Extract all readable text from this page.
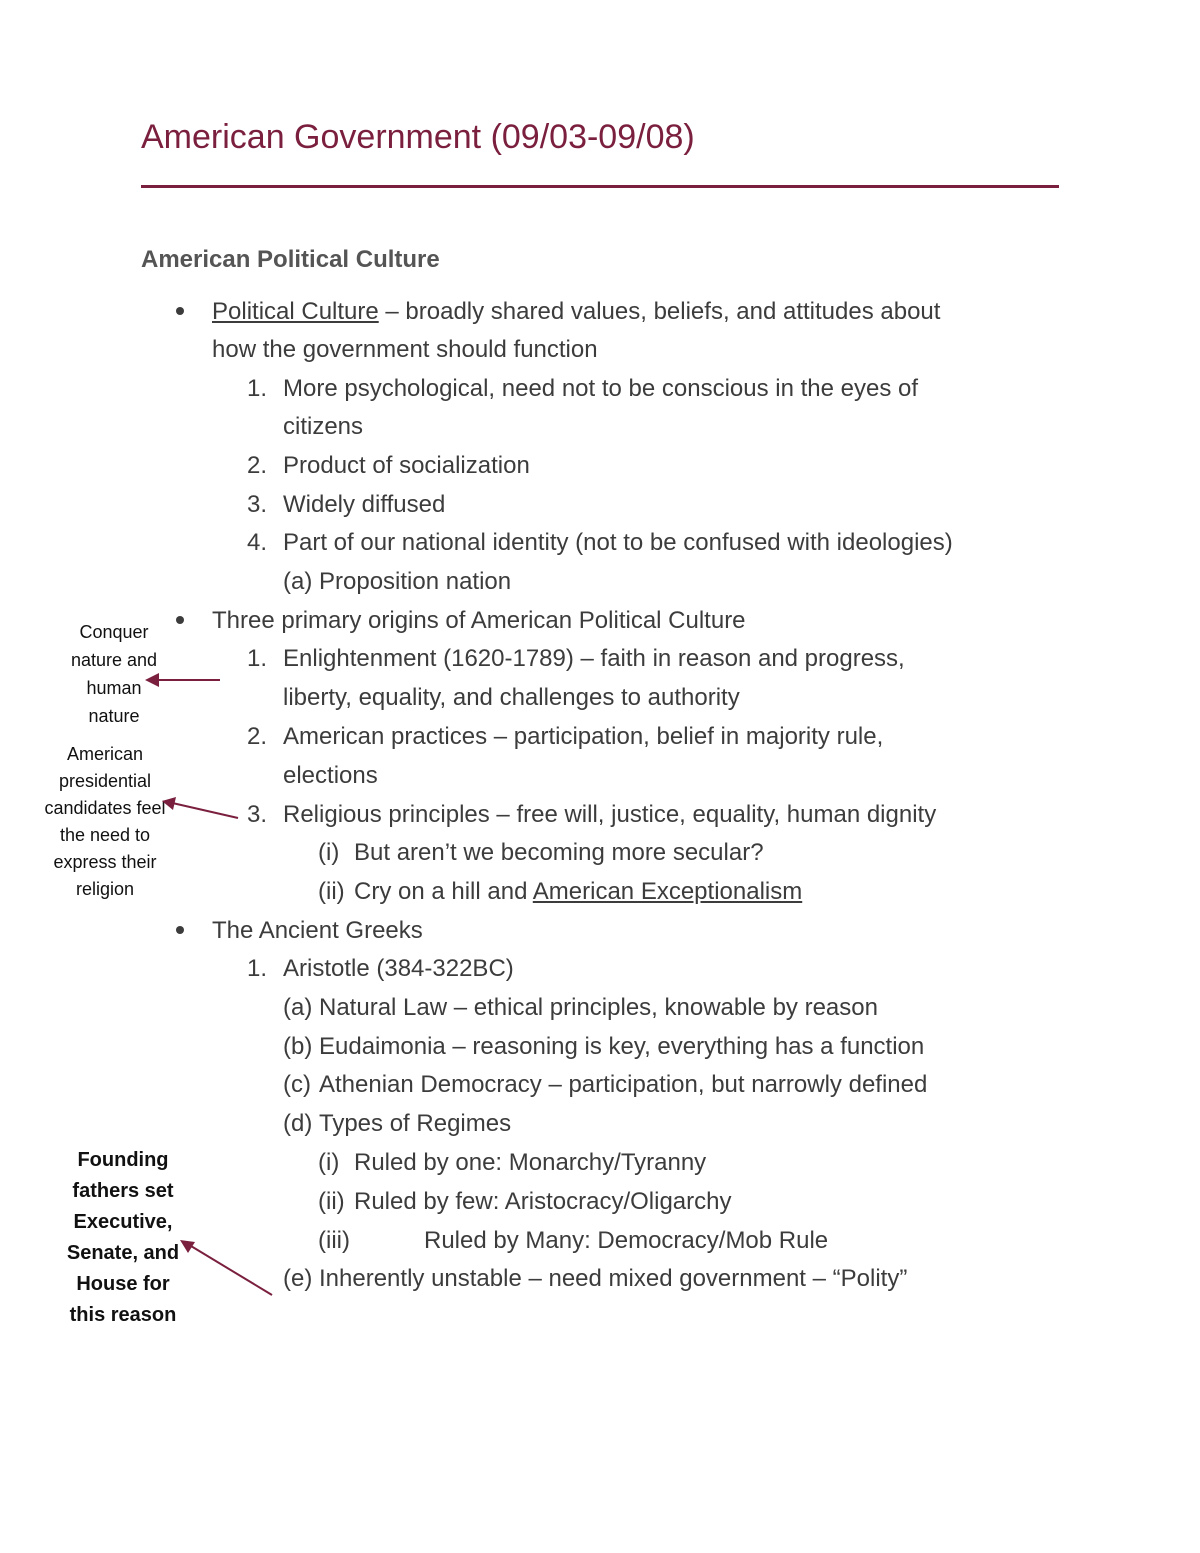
American Government (09/03-09/08)
American Political Culture
Political Culture – broadly shared values, beliefs, and attitudes about
how the government should function
1. More psychological, need not to be conscious in the eyes of
citizens
2. Product of socialization
3. Widely diffused
4. Part of our national identity (not to be confused with ideologies)
(a) Proposition nation
Three primary origins of American Political Culture
1. Enlightenment (1620-1789) – faith in reason and progress,
liberty, equality, and challenges to authority
2. American practices – participation, belief in majority rule,
elections
3. Religious principles – free will, justice, equality, human dignity
(i) But aren’t we becoming more secular?
(ii) Cry on a hill and American Exceptionalism
The Ancient Greeks
1. Aristotle (384-322BC)
(a) Natural Law – ethical principles, knowable by reason
(b) Eudaimonia – reasoning is key, everything has a function
(c) Athenian Democracy – participation, but narrowly defined
(d) Types of Regimes
(i) Ruled by one: Monarchy/Tyranny
(ii) Ruled by few: Aristocracy/Oligarchy
(iii)	Ruled by Many: Democracy/Mob Rule
(e) Inherently unstable – need mixed government – “Polity”
Conquer
nature and
human
nature
American
presidential
candidates feel
the need to
express their
religion
Founding
fathers set
Executive,
Senate, and
House for
this reason
